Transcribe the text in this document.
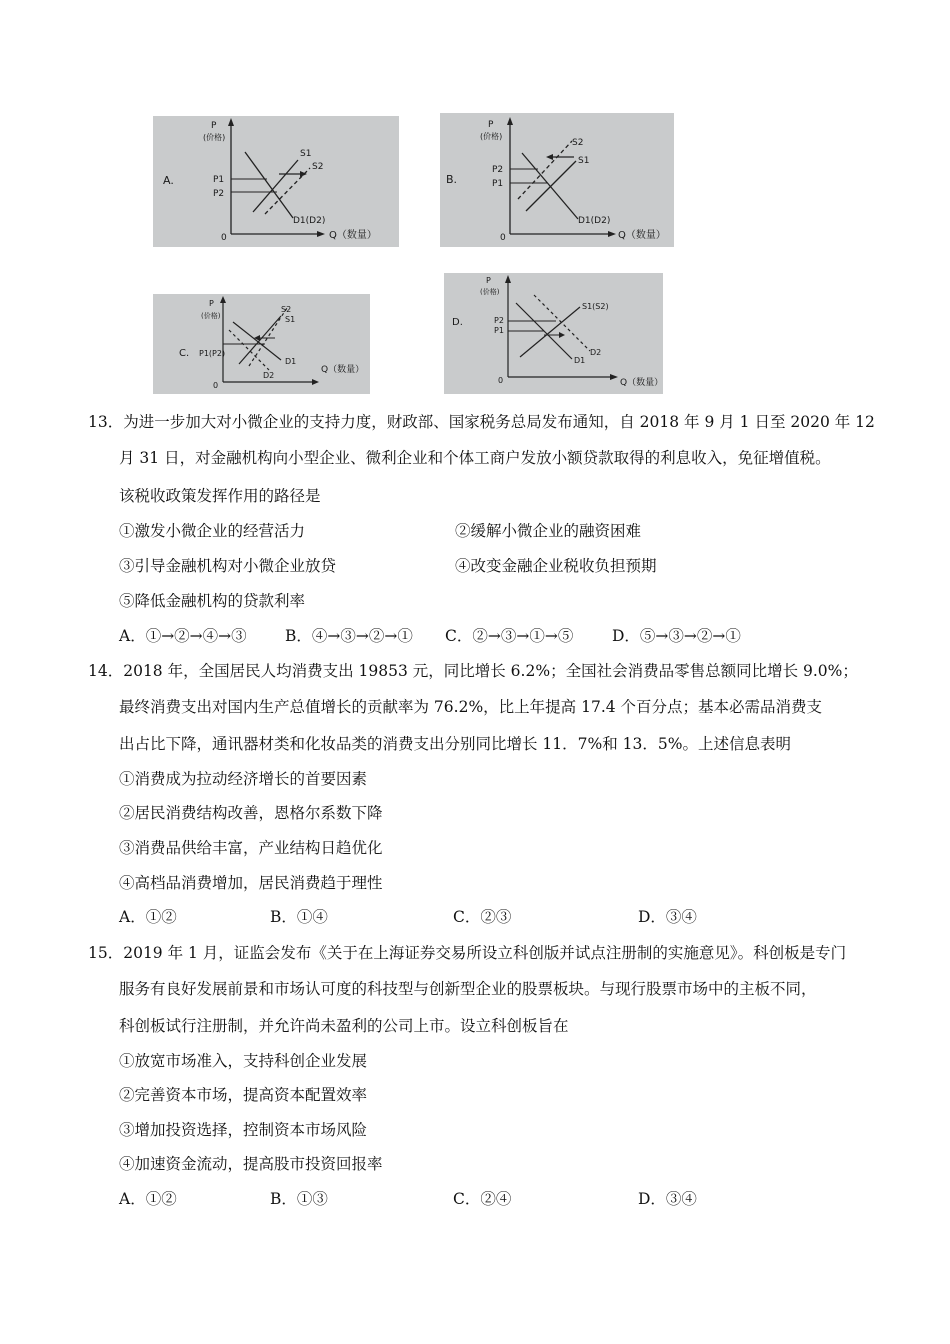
P
(价格)
Q（数量）
0
A.
S1
S2
D1(D2)
P1
P2
P
(价格)
Q（数量）
0
B.
S2
S1
D1(D2)
P2
P1
P
(价格)
Q（数量）
0
C.
S2
S1
D1
D2
P1(P2)
P
(价格)
Q（数量）
0
D.
S1(S2)
D2
D1
P2
P1
13．为进一步加大对小微企业的支持力度，财政部、国家税务总局发布通知，自 2018 年 9 月 1 日至 2020 年 12
月 31 日，对金融机构向小型企业、微利企业和个体工商户发放小额贷款取得的利息收入，免征增值税。
该税收政策发挥作用的路径是
①激发小微企业的经营活力	②缓解小微企业的融资困难
③引导金融机构对小微企业放贷	④改变金融企业税收负担预期
⑤降低金融机构的贷款利率
A．①→②→④→③ B．④→③→②→① C．②→③→①→⑤ D．⑤→③→②→①
14．2018 年，全国居民人均消费支出 19853 元，同比增长 6.2%；全国社会消费品零售总额同比增长 9.0%；
最终消费支出对国内生产总值增长的贡献率为 76.2%，比上年提高 17.4 个百分点；基本必需品消费支
出占比下降，通讯器材类和化妆品类的消费支出分别同比增长 11．7%和 13．5%。上述信息表明
①消费成为拉动经济增长的首要因素
②居民消费结构改善，恩格尔系数下降
③消费品供给丰富，产业结构日趋优化
④高档品消费增加，居民消费趋于理性
A．①②	B．①④	C．②③	D．③④
15．2019 年 1 月，证监会发布《关于在上海证券交易所设立科创版并试点注册制的实施意见》。科创板是专门
服务有良好发展前景和市场认可度的科技型与创新型企业的股票板块。与现行股票市场中的主板不同，
科创板试行注册制，并允许尚未盈利的公司上市。设立科创板旨在
①放宽市场准入，支持科创企业发展
②完善资本市场，提高资本配置效率
③增加投资选择，控制资本市场风险
④加速资金流动，提高股市投资回报率
A．①②	B．①③	C．②④	D．③④
